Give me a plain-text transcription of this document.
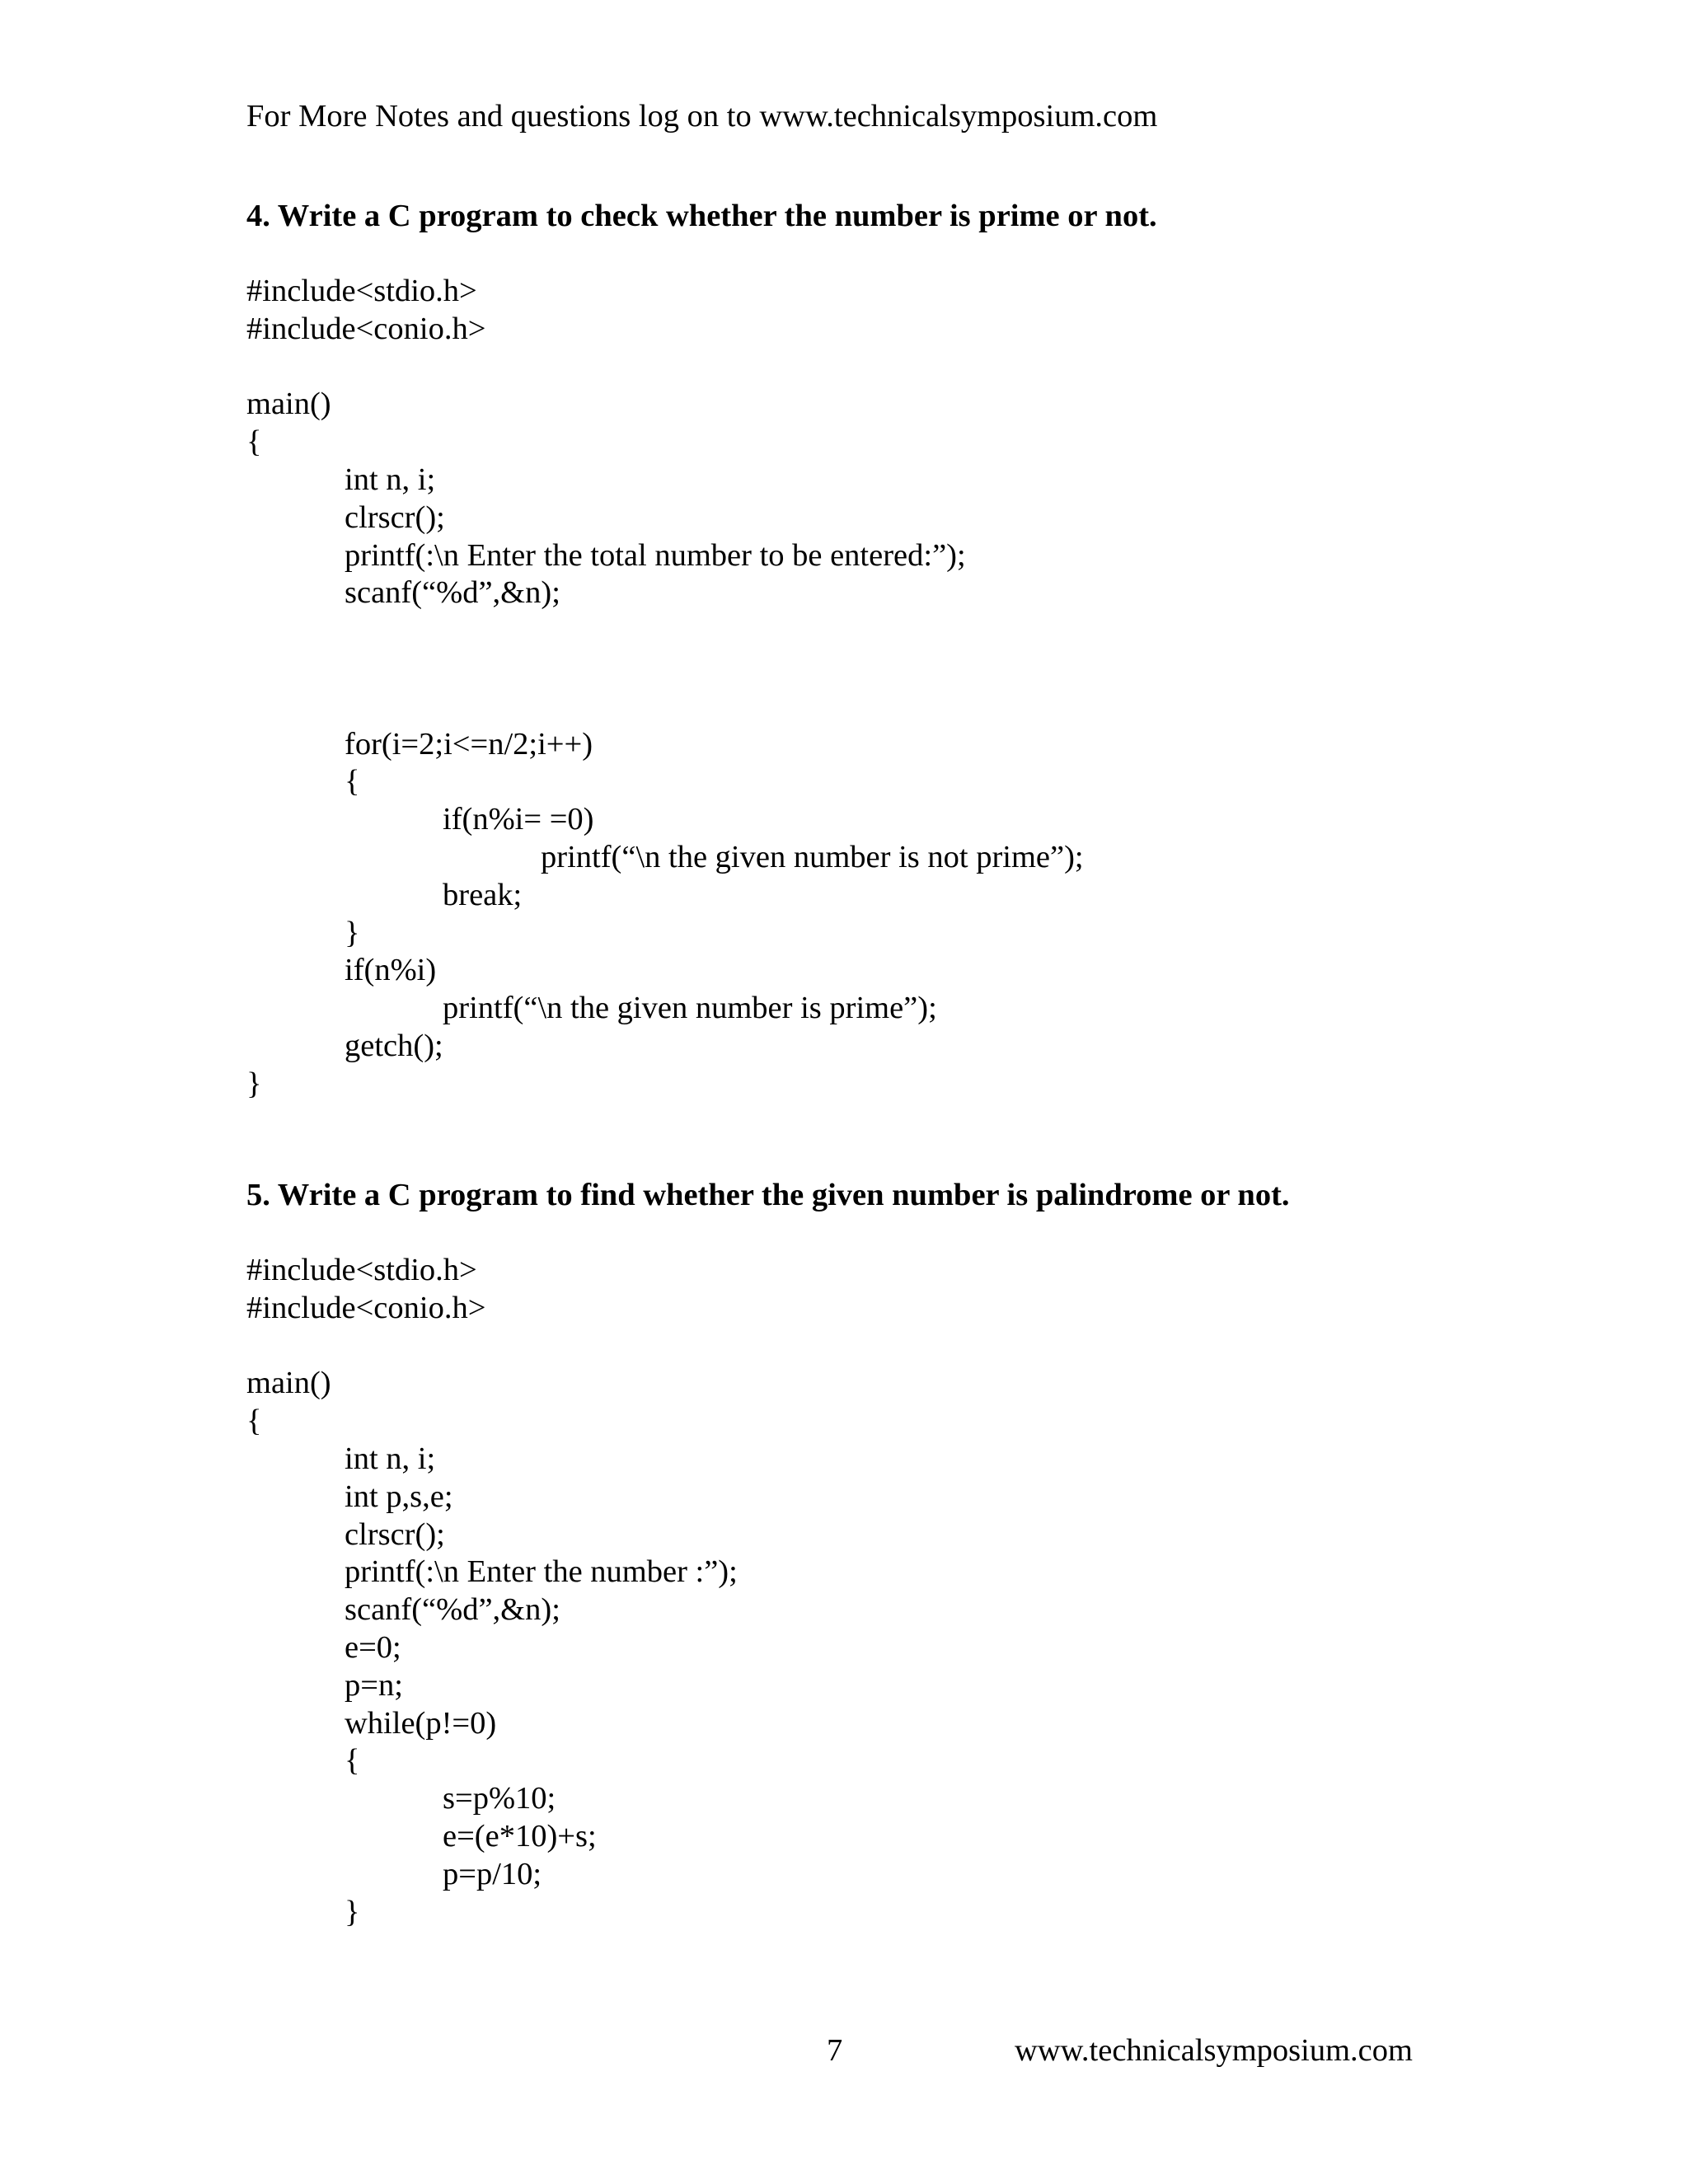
For More Notes and questions log on to www.technicalsymposium.com
4. Write a C program to check whether the number is prime or not.
#include<stdio.h>
#include<conio.h>
main()
{
int n, i;
clrscr();
printf(:\n Enter the total number to be entered:”);
scanf(“%d”,&n);
for(i=2;i<=n/2;i++)
{
if(n%i= =0)
printf(“\n the given number is not prime”);
break;
}
if(n%i)
printf(“\n the given number is prime”);
getch();
}
5. Write a C program to find whether the given number is palindrome or not.
#include<stdio.h>
#include<conio.h>
main()
{
int n, i;
int p,s,e;
clrscr();
printf(:\n Enter the number :”);
scanf(“%d”,&n);
e=0;
p=n;
while(p!=0)
{
s=p%10;
e=(e*10)+s;
p=p/10;
}
7	www.technicalsymposium.com
